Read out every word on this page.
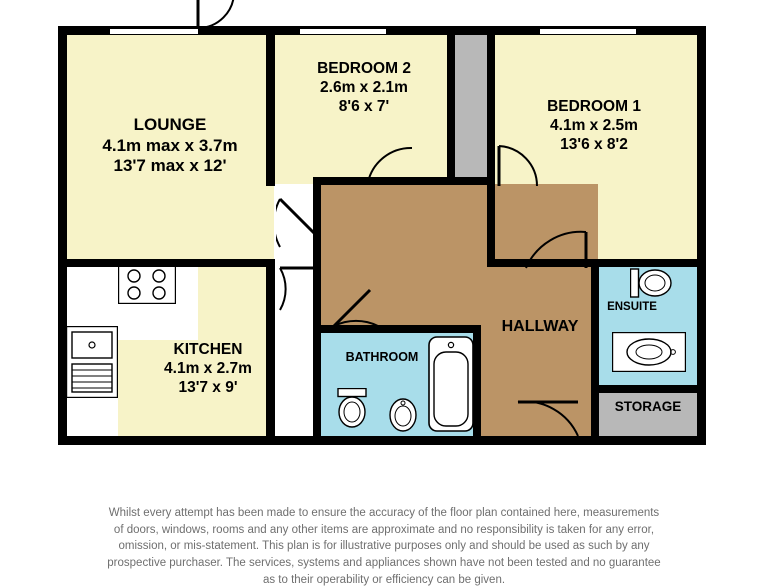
LOUNGE
4.1m max x 3.7m
13'7 max x 12'
BEDROOM 2
2.6m x 2.1m
8'6 x 7'	BEDROOM 1
4.1m x 2.5m
13'6 x 8'2
KITCHEN
4.1m x 2.7m
13'7 x 9'
HALLWAY
BATHROOM
ENSUITE
STORAGE
Whilst every attempt has been made to ensure the accuracy of the floor plan contained here, measurements
of doors, windows, rooms and any other items are approximate and no responsibility is taken for any error,
omission, or mis-statement. This plan is for illustrative purposes only and should be used as such by any
prospective purchaser. The services, systems and appliances shown have not been tested and no guarantee
as to their operability or efficiency can be given.
